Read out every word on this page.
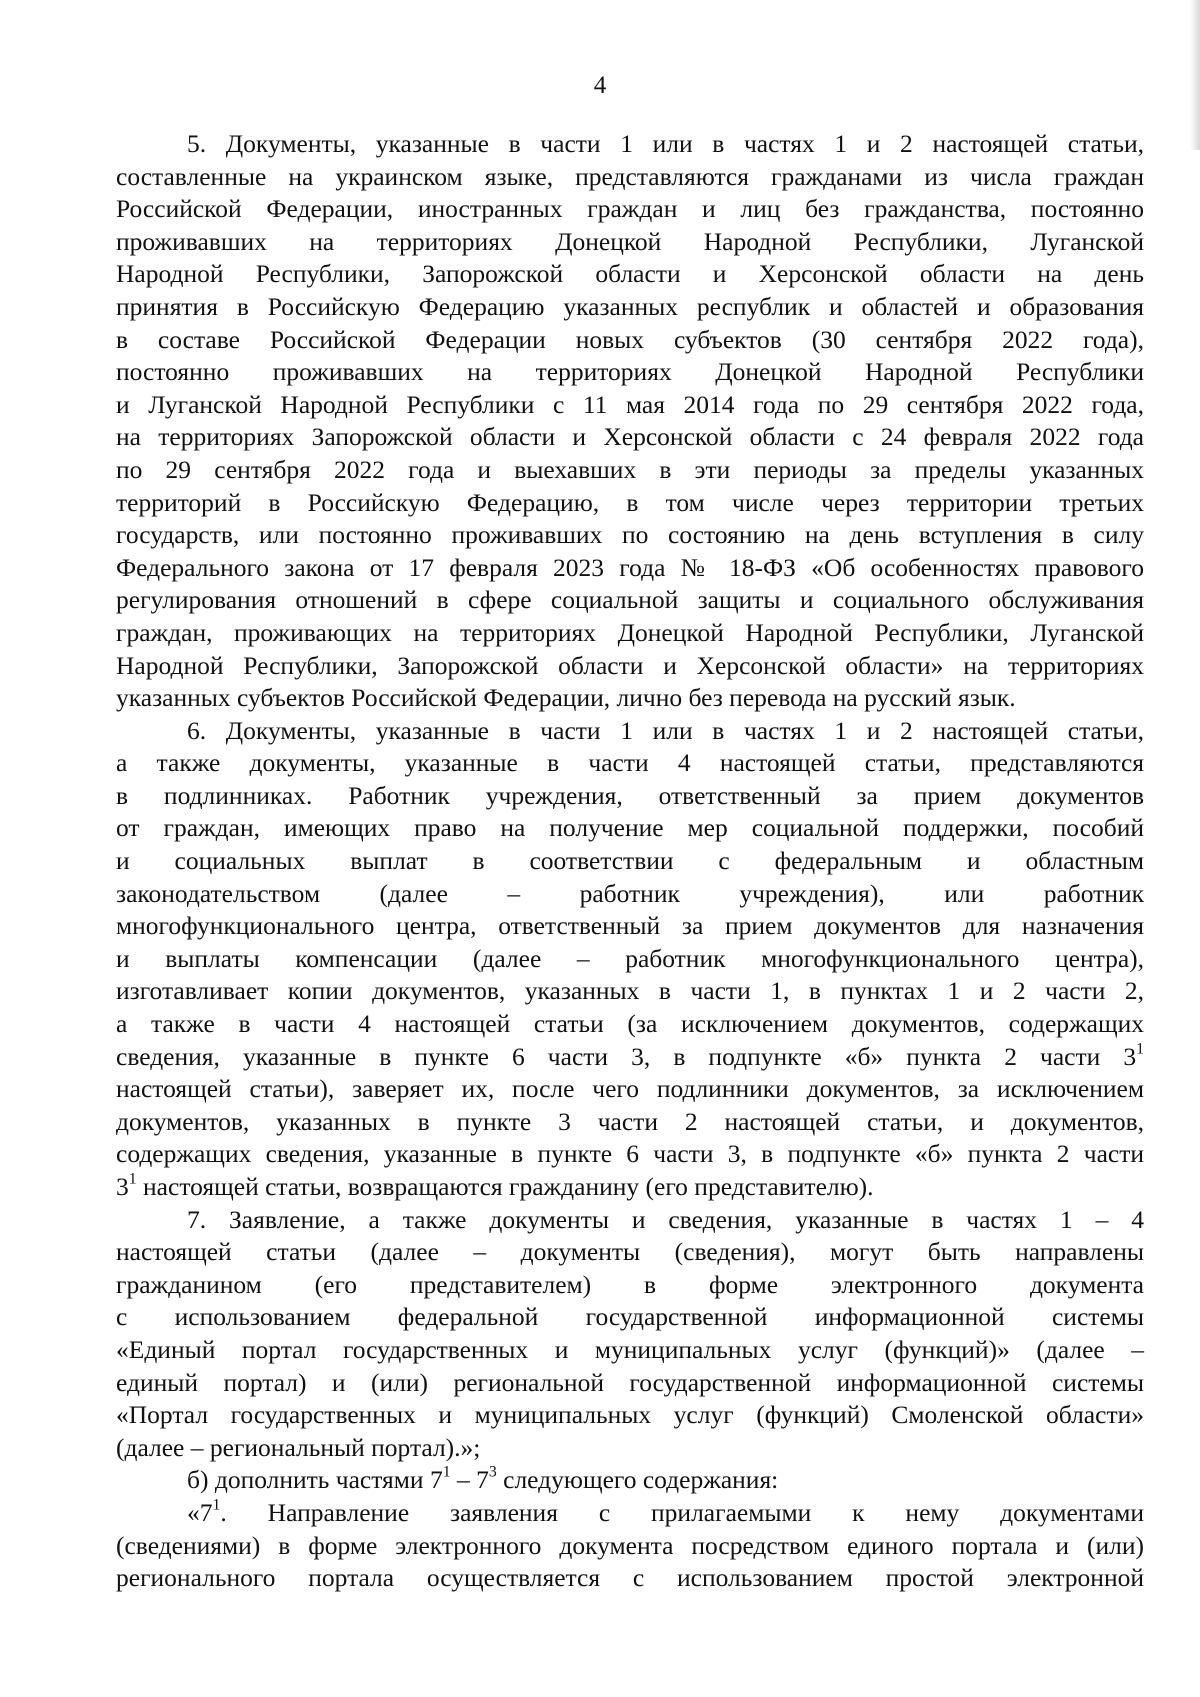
4
5. Документы, указанные в части 1 или в частях 1 и 2 настоящей статьи,
составленные на украинском языке, представляются гражданами из числа граждан
Российской Федерации, иностранных граждан и лиц без гражданства, постоянно
проживавших на территориях Донецкой Народной Республики, Луганской
Народной Республики, Запорожской области и Херсонской области на день
принятия в Российскую Федерацию указанных республик и областей и образования
в составе Российской Федерации новых субъектов (30 сентября 2022 года),
постоянно проживавших на территориях Донецкой Народной Республики
и Луганской Народной Республики с 11 мая 2014 года по 29 сентября 2022 года,
на территориях Запорожской области и Херсонской области с 24 февраля 2022 года
по 29 сентября 2022 года и выехавших в эти периоды за пределы указанных
территорий в Российскую Федерацию, в том числе через территории третьих
государств, или постоянно проживавших по состоянию на день вступления в силу
Федерального закона от 17 февраля 2023 года № 18-ФЗ «Об особенностях правового
регулирования отношений в сфере социальной защиты и социального обслуживания
граждан, проживающих на территориях Донецкой Народной Республики, Луганской
Народной Республики, Запорожской области и Херсонской области» на территориях
указанных субъектов Российской Федерации, лично без перевода на русский язык.
6. Документы, указанные в части 1 или в частях 1 и 2 настоящей статьи,
а также документы, указанные в части 4 настоящей статьи, представляются
в подлинниках. Работник учреждения, ответственный за прием документов
от граждан, имеющих право на получение мер социальной поддержки, пособий
и социальных выплат в соответствии с федеральным и областным
законодательством (далее – работник учреждения), или работник
многофункционального центра, ответственный за прием документов для назначения
и выплаты компенсации (далее – работник многофункционального центра),
изготавливает копии документов, указанных в части 1, в пунктах 1 и 2 части 2,
а также в части 4 настоящей статьи (за исключением документов, содержащих
сведения, указанные в пункте 6 части 3, в подпункте «б» пункта 2 части $3^1$
настоящей статьи), заверяет их, после чего подлинники документов, за исключением
документов, указанных в пункте 3 части 2 настоящей статьи, и документов,
содержащих сведения, указанные в пункте 6 части 3, в подпункте «б» пункта 2 части
$3^1$ настоящей статьи, возвращаются гражданину (его представителю).
7. Заявление, а также документы и сведения, указанные в частях 1 – 4
настоящей статьи (далее – документы (сведения), могут быть направлены
гражданином (его представителем) в форме электронного документа
с использованием федеральной государственной информационной системы
«Единый портал государственных и муниципальных услуг (функций)» (далее –
единый портал) и (или) региональной государственной информационной системы
«Портал государственных и муниципальных услуг (функций) Смоленской области»
(далее – региональный портал).»;
б) дополнить частями $7^1 - 7^3$ следующего содержания:
«$7^1$. Направление заявления с прилагаемыми к нему документами
(сведениями) в форме электронного документа посредством единого портала и (или)
регионального портала осуществляется с использованием простой электронной
